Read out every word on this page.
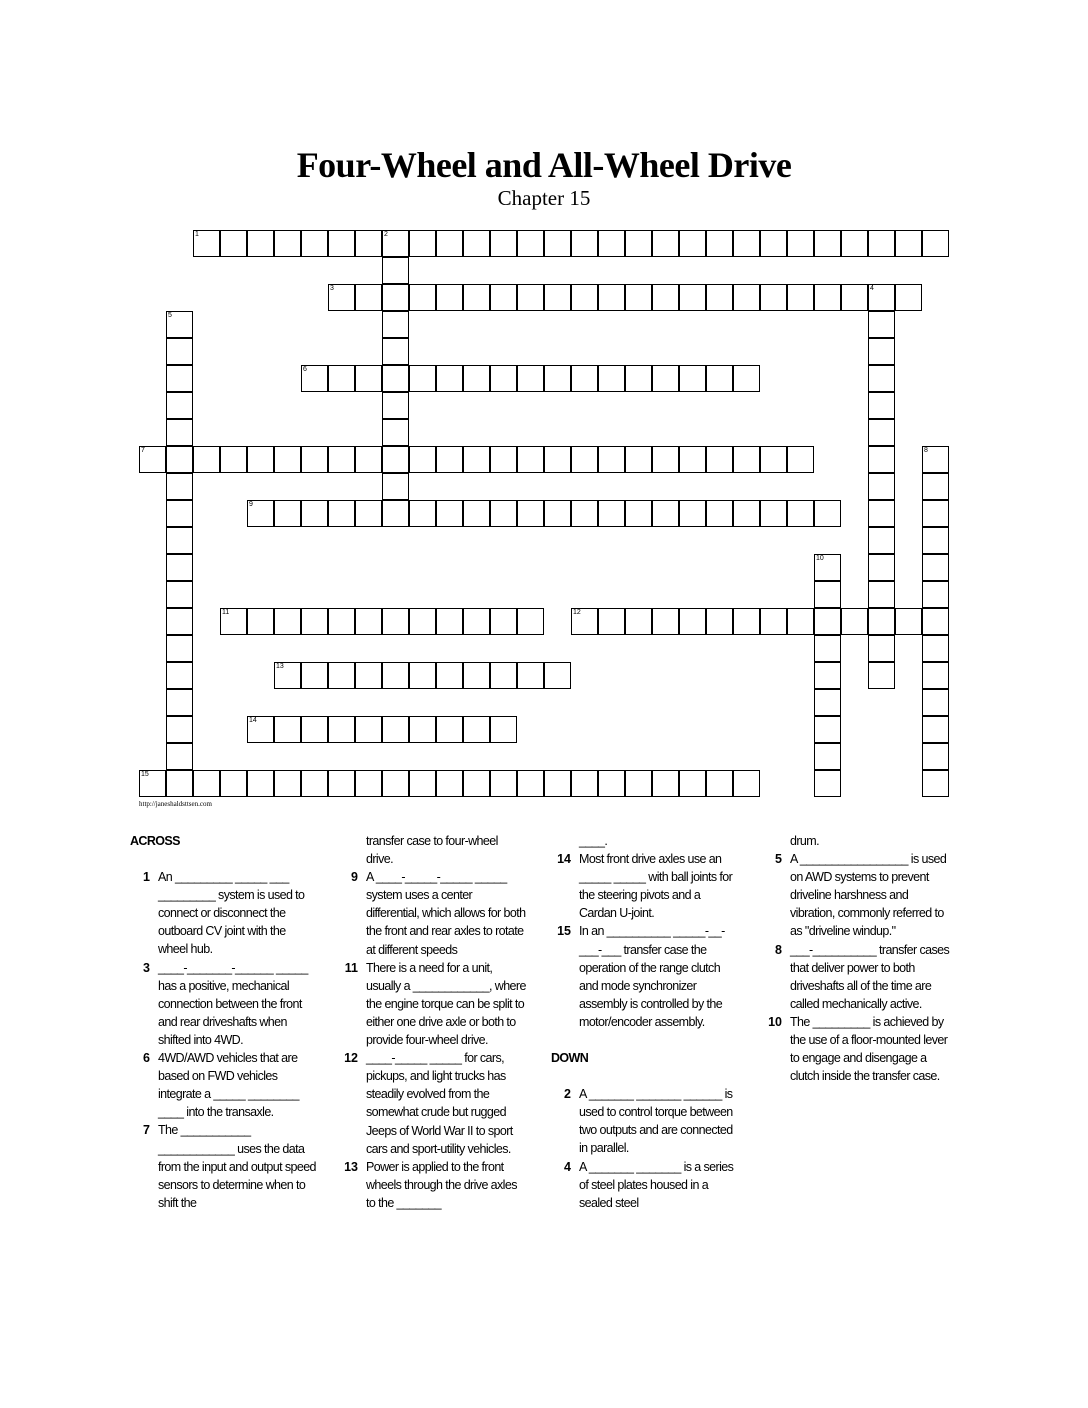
Four-Wheel and All-Wheel Drive
Chapter 15
1	2
3	4
5
6
7	8
9
10
11	12
13
14
15
http://janeshaldsttsen.com
ACROSS
1 An _________ _____ ___ _________ system is used to connect or disconnect the outboard CV joint with the wheel hub.
3 ____-_______-______ _____ has a positive, mechanical connection between the front and rear driveshafts when shifted into 4WD.
6 4WD/AWD vehicles that are based on FWD vehicles integrate a _____ ________ ____ into the transaxle.
7 The ___________ ____________ uses the data from the input and output speed sensors to determine when to shift the
transfer case to four-wheel drive.
9 A ____-_____-_____ _____ system uses a center differential, which allows for both the front and rear axles to rotate at different speeds
11 There is a need for a unit, usually a ____________, where the engine torque can be split to either one drive axle or both to provide four-wheel drive.
12 ____-_____ _____ for cars, pickups, and light trucks has steadily evolved from the somewhat crude but rugged Jeeps of World War II to sport cars and sport-utility vehicles.
13 Power is applied to the front wheels through the drive axles to the _______
____.
14 Most front drive axles use an _____ _____ with ball joints for the steering pivots and a Cardan U-joint.
15 In an __________ _____-__-___-___ transfer case the operation of the range clutch and mode synchronizer assembly is controlled by the motor/encoder assembly.
DOWN
2 A _______ _______ ______ is used to control torque between two outputs and are connected in parallel.
4 A _______ _______ is a series of steel plates housed in a sealed steel
drum.
5 A _________________ is used on AWD systems to prevent driveline harshness and vibration, commonly referred to as "driveline windup."
8 ___-__________ transfer cases that deliver power to both driveshafts all of the time are called mechanically active.
10 The _________ is achieved by the use of a floor-mounted lever to engage and disengage a clutch inside the transfer case.
